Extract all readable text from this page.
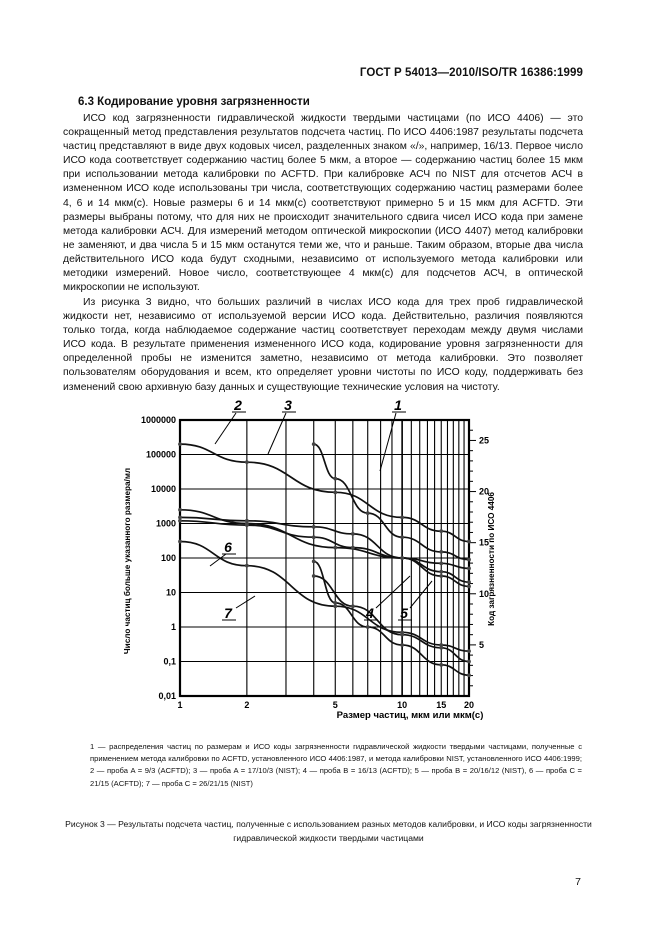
ГОСТ Р 54013—2010/ISO/TR 16386:1999
6.3 Кодирование уровня загрязненности

ИСО код загрязненности гидравлической жидкости твердыми частицами (по ИСО 4406) — это сокращенный метод представления результатов подсчета частиц. По ИСО 4406:1987 результаты подсчета частиц представляют в виде двух кодовых чисел, разделенных знаком «/», например, 16/13. Первое число ИСО кода соответствует содержанию частиц более 5 мкм, а второе — содержанию частиц более 15 мкм при использовании метода калибровки по ACFTD. При калибровке АСЧ по NIST для отсчетов АСЧ в измененном ИСО коде использованы три числа, соответствующих содержанию частиц размерами более 4, 6 и 14 мкм(с). Новые размеры 6 и 14 мкм(с) соответствуют примерно 5 и 15 мкм для ACFTD. Эти размеры выбраны потому, что для них не происходит значительного сдвига чисел ИСО кода при замене метода калибровки АСЧ. Для измерений методом оптической микроскопии (ИСО 4407) метод калибровки не заменяют, и два числа 5 и 15 мкм останутся теми же, что и раньше. Таким образом, вторые два числа действительного ИСО кода будут сходными, независимо от используемого метода калибровки или методики измерений. Новое число, соответствующее 4 мкм(с) для подсчетов АСЧ, в оптической микроскопии не используют.

Из рисунка 3 видно, что больших различий в числах ИСО кода для трех проб гидравлической жидкости нет, независимо от используемой версии ИСО кода. Действительно, различия появляются только тогда, когда наблюдаемое содержание частиц соответствует переходам между двумя числами ИСО кода. В результате применения измененного ИСО кода, кодирование уровня загрязненности для определенной пробы не изменится заметно, независимо от метода калибровки. Это позволяет пользователям оборудования и всем, кто определяет уровни чистоты по ИСО коду, поддерживать без изменений свою архивную базу данных и существующие технические условия на чистоту.

0,01
0,1
1
10
100
1000
10000
100000
1000000
1	2	5	10	15 20
5
10
15
20
25
1
2	3
4 5
6
7
Размер частиц, мкм или мкм(с)
Число частиц больше указанного размера/мл	Код загрязненности по ИСО 4406
1 — распределения частиц по размерам и ИСО коды загрязненности гидравлической жидкости твердыми частицами, полученные с применением метода калибровки по ACFTD, установленного ИСО 4406:1987, и метода калибровки NIST, установленного ИСО 4406:1999; 2 — проба A = 9/3 (ACFTD); 3 — проба A = 17/10/3 (NIST); 4 — проба B = 16/13 (ACFTD); 5 — проба B = 20/16/12 (NIST), 6 — проба C = 21/15 (ACFTD); 7 — проба C = 26/21/15 (NIST)
Рисунок 3 — Результаты подсчета частиц, полученные с использованием разных методов калибровки, и ИСО коды загрязненности гидравлической жидкости твердыми частицами
7
